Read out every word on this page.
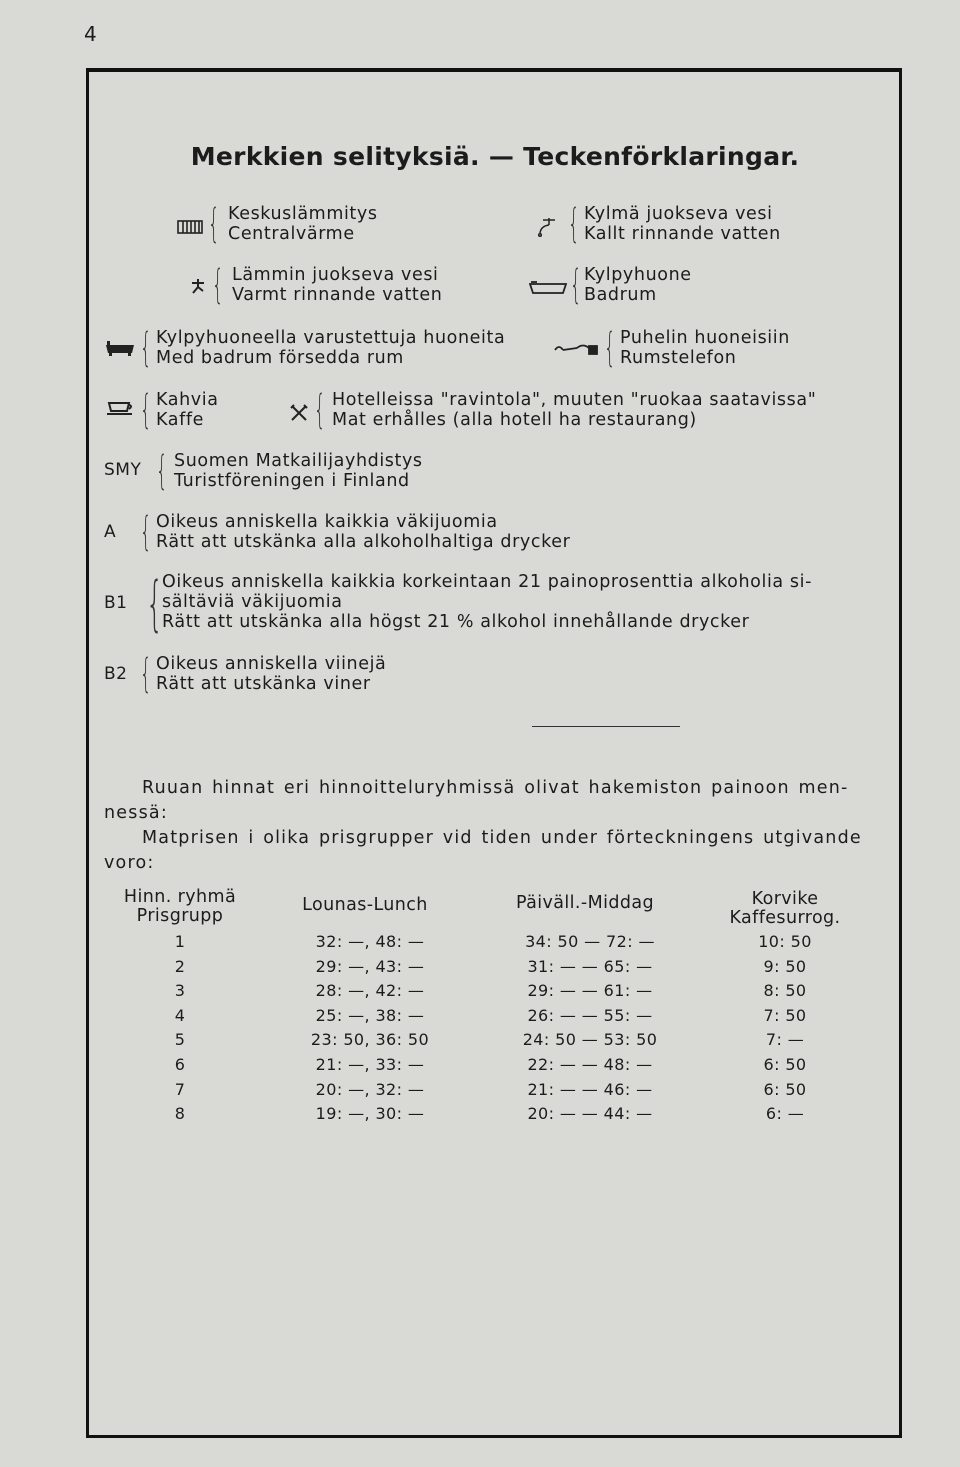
4
Merkkien selityksiä. — Teckenförklaringar.
{ Keskuslämmitys
Centralvärme
{ Lämmin juokseva vesi
Varmt rinnande vatten
{ Kylpyhuoneella varustettuja huoneita
Med badrum försedda rum
{ Kahvia
Kaffe
{ Kylmä juokseva vesi
Kallt rinnande vatten
{ Kylpyhuone
Badrum
{ Puhelin huoneisiin
Rumstelefon
{ Hotelleissa "ravintola", muuten "ruokaa saatavissa"
Mat erhålles (alla hotell ha restaurang)
SMY { Suomen Matkailijayhdistys
Turistföreningen i Finland
A { Oikeus anniskella kaikkia väkijuomia
Rätt att utskänka alla alkoholhaltiga drycker
B1 {
Oikeus anniskella kaikkia korkeintaan 21 painoprosenttia alkoholia si-
sältäviä väkijuomia
Rätt att utskänka alla högst 21 % alkohol innehållande drycker
B2 { Oikeus anniskella viinejä
Rätt att utskänka viner
Ruuan hinnat eri hinnoitteluryhmissä olivat hakemiston painoon men-
nessä:
Matprisen i olika prisgrupper vid tiden under förteckningens utgivande
voro:
Hinn. ryhmä
Prisgrupp
Lounas-Lunch	Päiväll.-Middag	Korvike
Kaffesurrog.
1	32: —, 48: —	34: 50 — 72: —	10: 50
2	29: —, 43: —	31: — — 65: —	9: 50
3	28: —, 42: —	29: — — 61: —	8: 50
4	25: —, 38: —	26: — — 55: —	7: 50
5	23: 50, 36: 50	24: 50 — 53: 50	7: —
6	21: —, 33: —	22: — — 48: —	6: 50
7	20: —, 32: —	21: — — 46: —	6: 50
8	19: —, 30: —	20: — — 44: —	6: —
